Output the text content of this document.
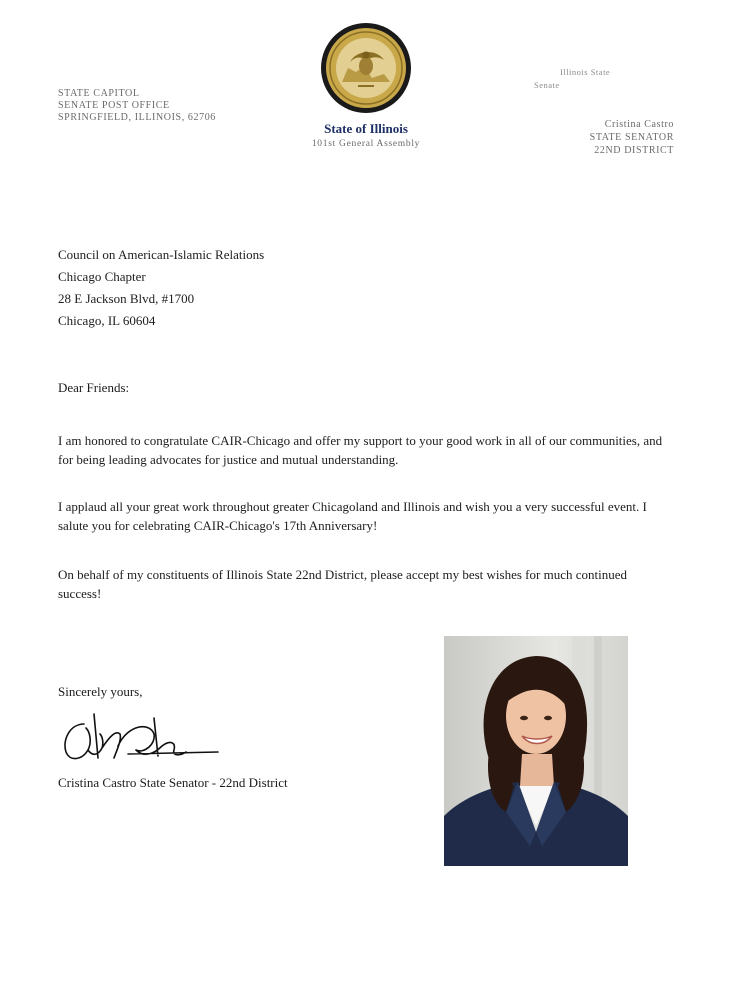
STATE CAPITOL
SENATE POST OFFICE
SPRINGFIELD, ILLINOIS, 62706
State of Illinois
101st General Assembly
Illinois State
Senate
Cristina Castro
STATE SENATOR
22ND DISTRICT
Council on American-Islamic Relations
Chicago Chapter
28 E Jackson Blvd, #1700
Chicago, IL 60604
Dear Friends:
I am honored to congratulate CAIR-Chicago and offer my support to your good work in all of our communities, and for being leading advocates for justice and mutual understanding.
I applaud all your great work throughout greater Chicagoland and Illinois and wish you a very successful event. I salute you for celebrating CAIR-Chicago's 17th Anniversary!
On behalf of my constituents of Illinois State 22nd District, please accept my best wishes for much continued success!
Sincerely yours,
Cristina Castro State Senator - 22nd District
